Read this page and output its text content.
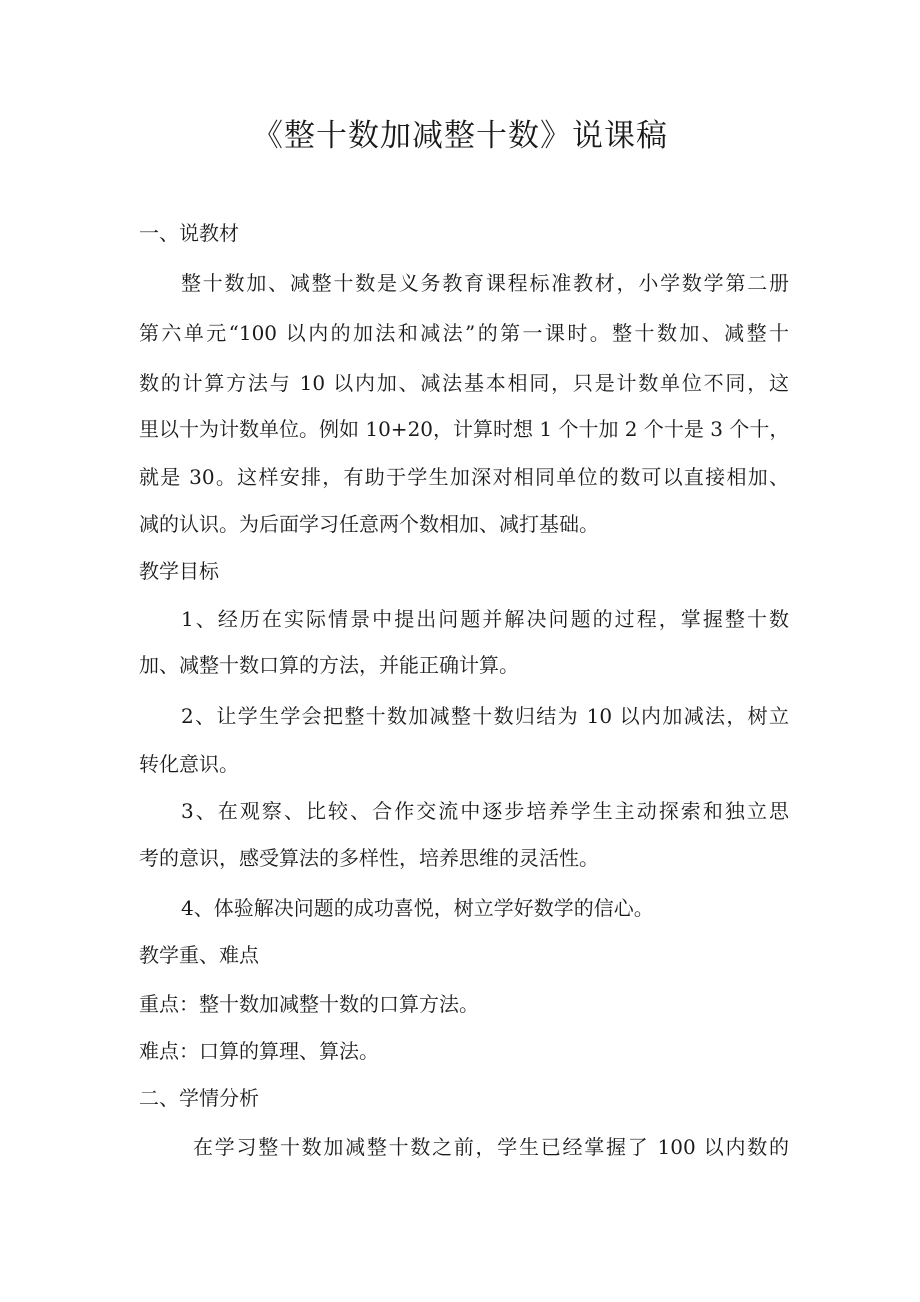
《整十数加减整十数》说课稿

一、说教材

整十数加、减整十数是义务教育课程标准教材，小学数学第二册

第六单元“100 以内的加法和减法”的第一课时。整十数加、减整十

数的计算方法与 10 以内加、减法基本相同，只是计数单位不同，这

里以十为计数单位。例如 10+20，计算时想 1 个十加 2 个十是 3 个十，

就是 30。这样安排，有助于学生加深对相同单位的数可以直接相加、

减的认识。为后面学习任意两个数相加、减打基础。

教学目标

1、经历在实际情景中提出问题并解决问题的过程，掌握整十数

加、减整十数口算的方法，并能正确计算。

2、让学生学会把整十数加减整十数归结为 10 以内加减法，树立

转化意识。

3、在观察、比较、合作交流中逐步培养学生主动探索和独立思

考的意识，感受算法的多样性，培养思维的灵活性。

4、体验解决问题的成功喜悦，树立学好数学的信心。

教学重、难点

重点：整十数加减整十数的口算方法。

难点：口算的算理、算法。

二、学情分析

在学习整十数加减整十数之前，学生已经掌握了 100 以内数的
